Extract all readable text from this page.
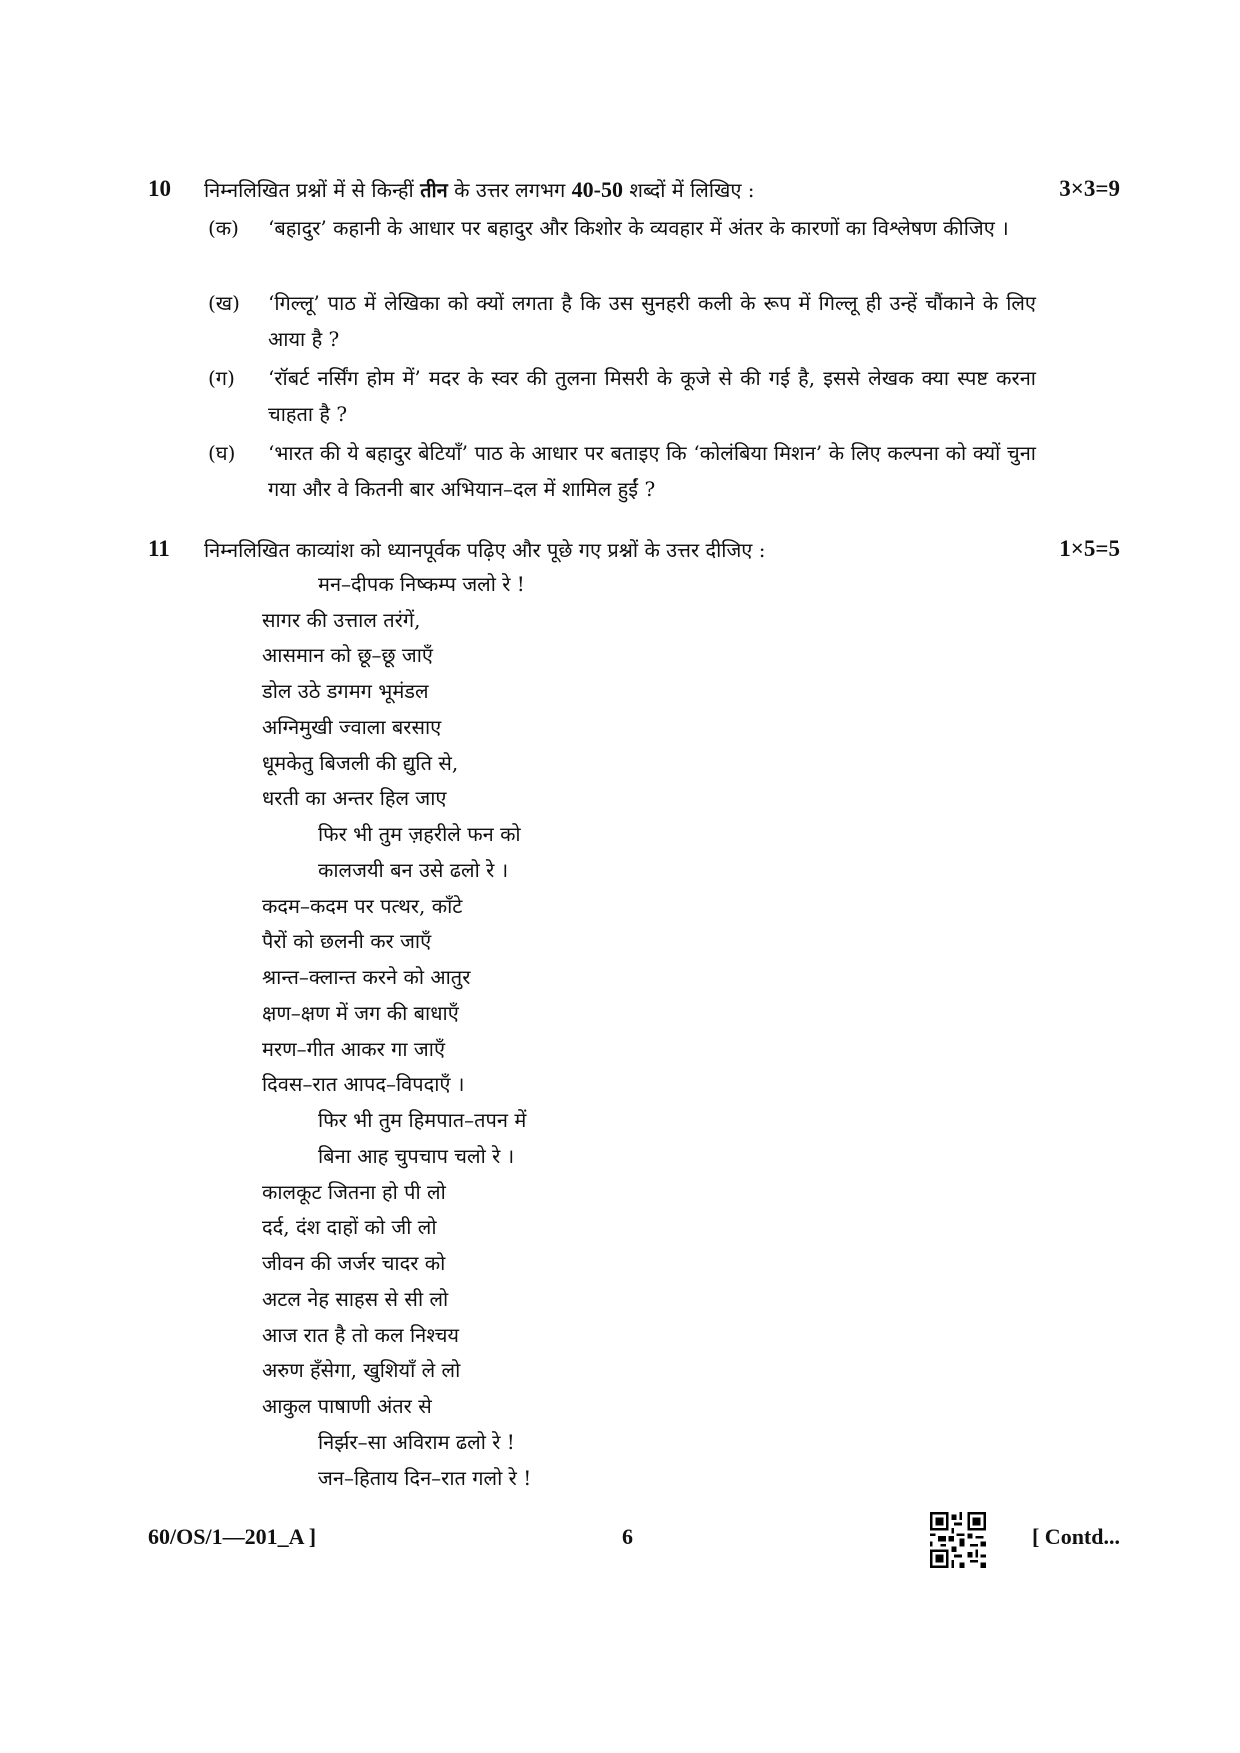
10 निम्नलिखित प्रश्नों में से किन्हीं तीन के उत्तर लगभग 40-50 शब्दों में लिखिए :	3×3=9
(क) ‘बहादुर’ कहानी के आधार पर बहादुर और किशोर के व्यवहार में अंतर के कारणों का विश्लेषण कीजिए ।
(ख) ‘गिल्लू’ पाठ में लेखिका को क्यों लगता है कि उस सुनहरी कली के रूप में गिल्लू ही उन्हें चौंकाने के लिए आया है ?
(ग) ‘रॉबर्ट नर्सिंग होम में’ मदर के स्वर की तुलना मिसरी के कूजे से की गई है, इससे लेखक क्या स्पष्ट करना चाहता है ?
(घ) ‘भारत की ये बहादुर बेटियाँ’ पाठ के आधार पर बताइए कि ‘कोलंबिया मिशन’ के लिए कल्पना को क्यों चुना गया और वे कितनी बार अभियान–दल में शामिल हुईं ?
11 निम्नलिखित काव्यांश को ध्यानपूर्वक पढ़िए और पूछे गए प्रश्नों के उत्तर दीजिए :	1×5=5
मन–दीपक निष्कम्प जलो रे !
सागर की उत्ताल तरंगें,
आसमान को छू–छू जाएँ
डोल उठे डगमग भूमंडल
अग्निमुखी ज्वाला बरसाए
धूमकेतु बिजली की द्युति से,
धरती का अन्तर हिल जाए
फिर भी तुम ज़हरीले फन को
कालजयी बन उसे ढलो रे ।
कदम–कदम पर पत्थर, काँटे
पैरों को छलनी कर जाएँ
श्रान्त–क्लान्त करने को आतुर
क्षण–क्षण में जग की बाधाएँ
मरण–गीत आकर गा जाएँ
दिवस–रात आपद–विपदाएँ ।
फिर भी तुम हिमपात–तपन में
बिना आह चुपचाप चलो रे ।
कालकूट जितना हो पी लो
दर्द, दंश दाहों को जी लो
जीवन की जर्जर चादर को
अटल नेह साहस से सी लो
आज रात है तो कल निश्चय
अरुण हँसेगा, खुशियाँ ले लो
आकुल पाषाणी अंतर से
निर्झर–सा अविराम ढलो रे !
जन–हिताय दिन–रात गलो रे !
60/OS/1—201_A ]	6	[ Contd...
